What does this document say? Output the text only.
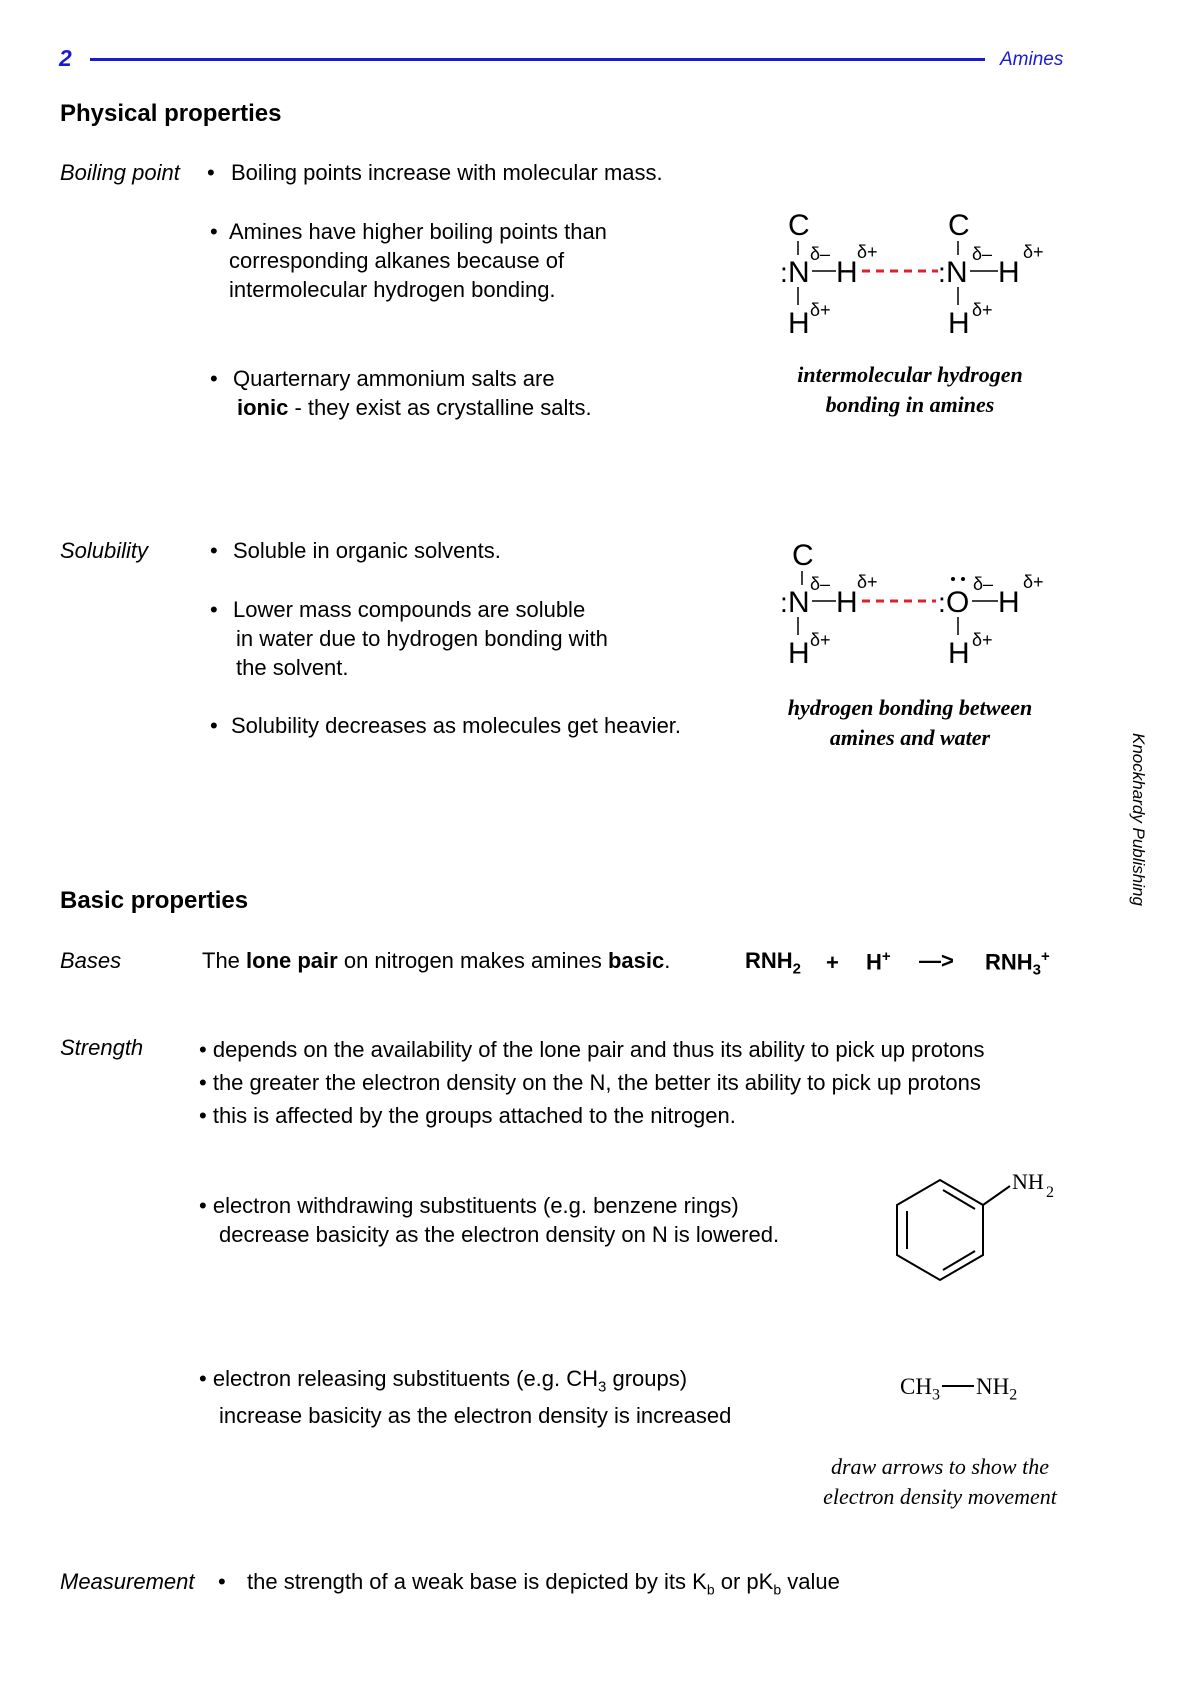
2	Amines
Knockhardy Publishing
Physical properties
Boiling point • Boiling points increase with molecular mass.
• Amines have higher boiling points than
corresponding alkanes because of
intermolecular hydrogen bonding.
• Quarternary ammonium salts are
ionic - they exist as crystalline salts.
C
: N H
H
C
: N H
H
δ– δ+
δ+
δ– δ+
δ+
intermolecular hydrogen
bonding in amines
Solubility	• Soluble in organic solvents.
• Lower mass compounds are soluble
in water due to hydrogen bonding with
the solvent.
• Solubility decreases as molecules get heavier.
C
: N H
H
: O H
H
δ– δ+
δ+
δ– δ+
δ+
hydrogen bonding between
amines and water
Basic properties
Bases	The lone pair on nitrogen makes amines basic.	$RNH_2 + H^+$ —> $RNH_3^+$
Strength	• depends on the availability of the lone pair and thus its ability to pick up protons
• the greater the electron density on the N, the better its ability to pick up protons
• this is affected by the groups attached to the nitrogen.
• electron withdrawing substituents (e.g. benzene rings)
decrease basicity as the electron density on N is lowered.
NH 2
• electron releasing substituents (e.g. $CH_3$ groups)
increase basicity as the electron density is increased
$CH_3$ $NH_2$
draw arrows to show the
electron density movement
Measurement • the strength of a weak base is depicted by its $K_b$ or $pK_b$ value
